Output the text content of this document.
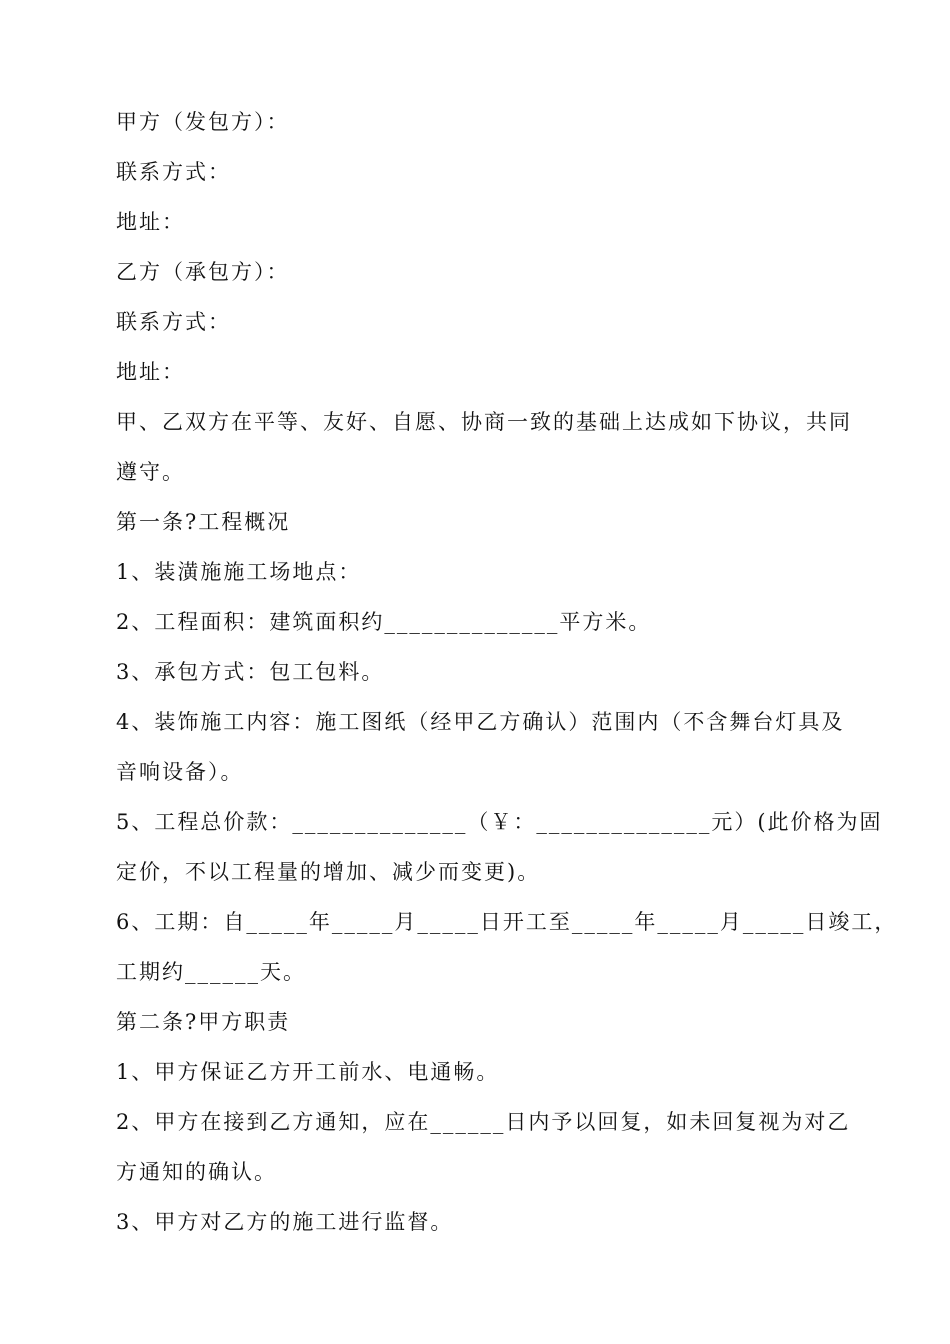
甲方（发包方）：
联系方式：
地址：
乙方（承包方）：
联系方式：
地址：
甲、乙双方在平等、友好、自愿、协商一致的基础上达成如下协议，共同
遵守。
第一条?工程概况
1、装潢施施工场地点：
2、工程面积：建筑面积约______________平方米。
3、承包方式：包工包料。
4、装饰施工内容：施工图纸（经甲乙方确认）范围内（不含舞台灯具及
音响设备）。
5、工程总价款：______________（￥：______________元）(此价格为固
定价，不以工程量的增加、减少而变更)。
6、工期：自_____年_____月_____日开工至_____年_____月_____日竣工，
工期约______天。
第二条?甲方职责
1、甲方保证乙方开工前水、电通畅。
2、甲方在接到乙方通知，应在______日内予以回复，如未回复视为对乙
方通知的确认。
3、甲方对乙方的施工进行监督。
